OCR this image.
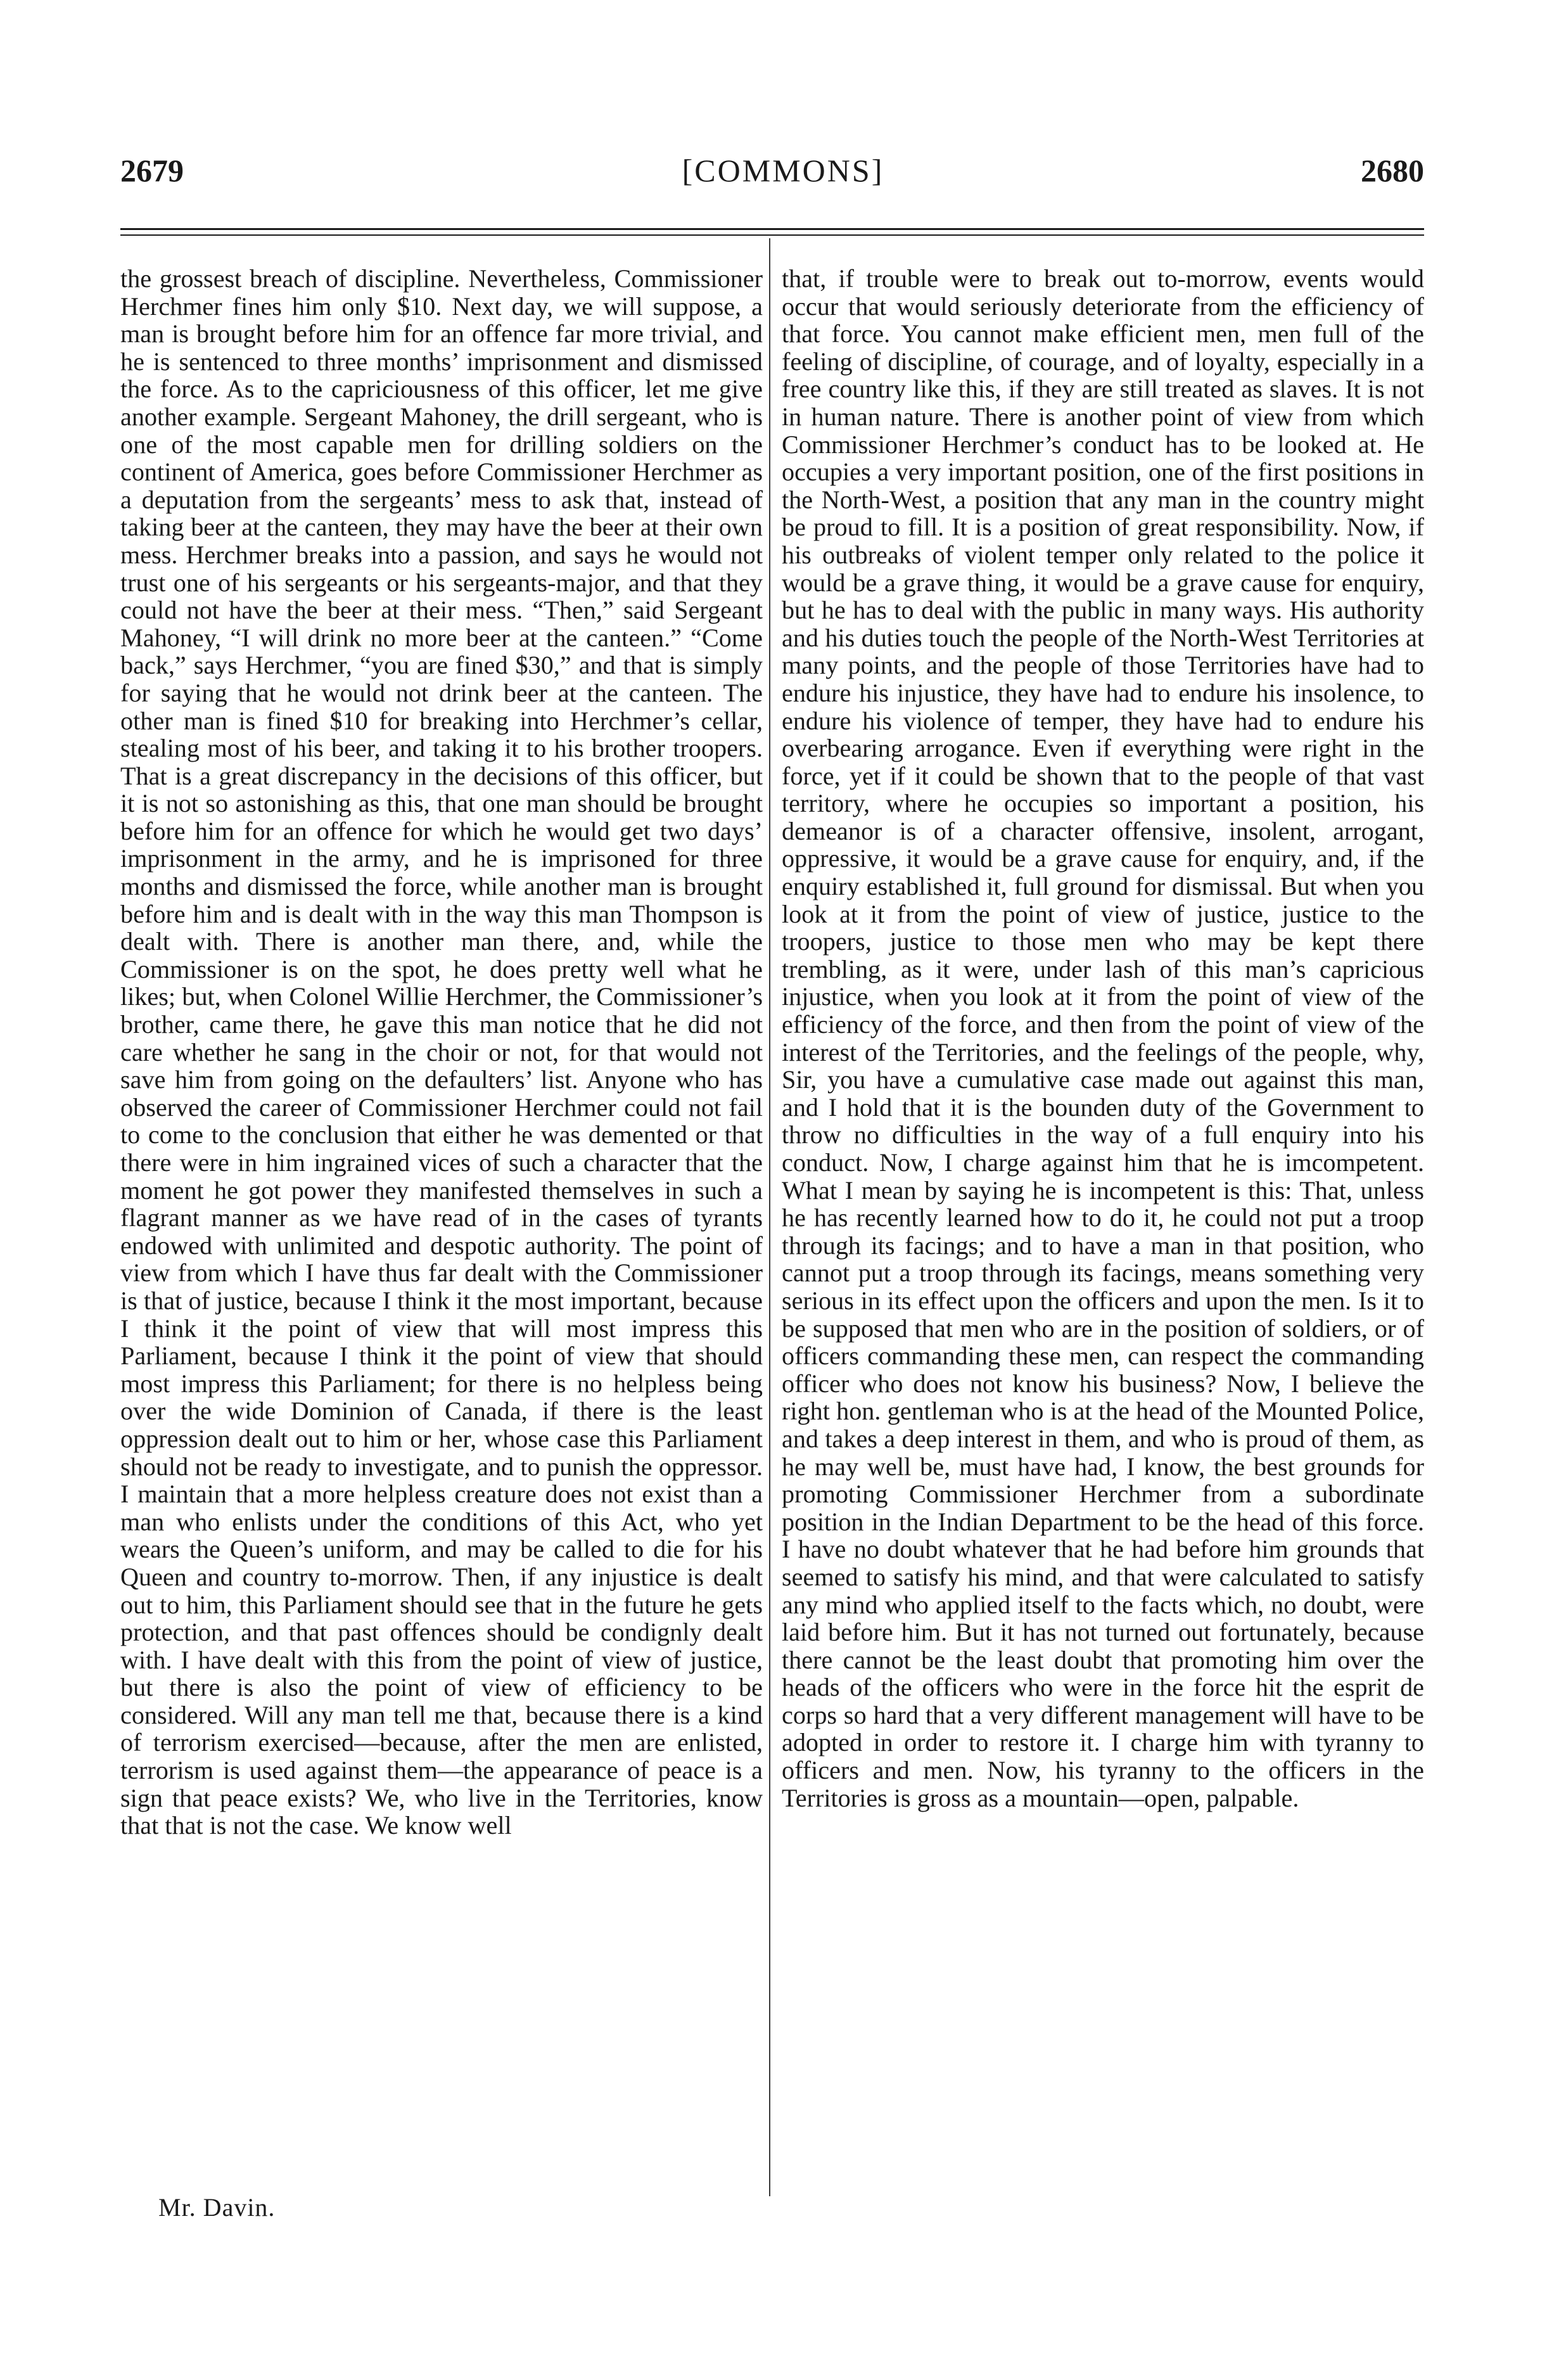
2679	[COMMONS]	2680

the grossest breach of discipline. Nevertheless, Commissioner Herchmer fines him only $10. Next day, we will suppose, a man is brought before him for an offence far more trivial, and he is sentenced to three months’ imprisonment and dismissed the force. As to the capriciousness of this officer, let me give another example. Sergeant Mahoney, the drill sergeant, who is one of the most capable men for drilling soldiers on the continent of America, goes before Commissioner Herchmer as a deputation from the sergeants’ mess to ask that, instead of taking beer at the canteen, they may have the beer at their own mess. Herchmer breaks into a passion, and says he would not trust one of his sergeants or his sergeants-major, and that they could not have the beer at their mess. “Then,” said Sergeant Mahoney, “I will drink no more beer at the canteen.” “Come back,” says Herchmer, “you are fined $30,” and that is simply for saying that he would not drink beer at the canteen. The other man is fined $10 for breaking into Herchmer’s cellar, stealing most of his beer, and taking it to his brother troopers. That is a great discrepancy in the decisions of this officer, but it is not so astonishing as this, that one man should be brought before him for an offence for which he would get two days’ imprisonment in the army, and he is imprisoned for three months and dismissed the force, while another man is brought before him and is dealt with in the way this man Thompson is dealt with. There is another man there, and, while the Commissioner is on the spot, he does pretty well what he likes; but, when Colonel Willie Herchmer, the Commissioner’s brother, came there, he gave this man notice that he did not care whether he sang in the choir or not, for that would not save him from going on the defaulters’ list. Anyone who has observed the career of Commissioner Herchmer could not fail to come to the conclusion that either he was demented or that there were in him ingrained vices of such a character that the moment he got power they manifested themselves in such a flagrant manner as we have read of in the cases of tyrants endowed with unlimited and despotic authority. The point of view from which I have thus far dealt with the Commissioner is that of justice, because I think it the most important, because I think it the point of view that will most impress this Parliament, because I think it the point of view that should most impress this Parliament; for there is no helpless being over the wide Dominion of Canada, if there is the least oppression dealt out to him or her, whose case this Parliament should not be ready to investigate, and to punish the oppressor. I maintain that a more helpless creature does not exist than a man who enlists under the conditions of this Act, who yet wears the Queen’s uniform, and may be called to die for his Queen and country to-morrow. Then, if any injustice is dealt out to him, this Parliament should see that in the future he gets protection, and that past offences should be condignly dealt with. I have dealt with this from the point of view of justice, but there is also the point of view of efficiency to be considered. Will any man tell me that, because there is a kind of terrorism exercised—because, after the men are enlisted, terrorism is used against them—the appearance of peace is a sign that peace exists? We, who live in the Territories, know that that is not the case. We know well

that, if trouble were to break out to-morrow, events would occur that would seriously deteriorate from the efficiency of that force. You cannot make efficient men, men full of the feeling of discipline, of courage, and of loyalty, especially in a free country like this, if they are still treated as slaves. It is not in human nature. There is another point of view from which Commissioner Herchmer’s conduct has to be looked at. He occupies a very important position, one of the first positions in the North-West, a position that any man in the country might be proud to fill. It is a position of great responsibility. Now, if his outbreaks of violent temper only related to the police it would be a grave thing, it would be a grave cause for enquiry, but he has to deal with the public in many ways. His authority and his duties touch the people of the North-West Territories at many points, and the people of those Territories have had to endure his injustice, they have had to endure his insolence, to endure his violence of temper, they have had to endure his overbearing arrogance. Even if everything were right in the force, yet if it could be shown that to the people of that vast territory, where he occupies so important a position, his demeanor is of a character offensive, insolent, arrogant, oppressive, it would be a grave cause for enquiry, and, if the enquiry established it, full ground for dismissal. But when you look at it from the point of view of justice, justice to the troopers, justice to those men who may be kept there trembling, as it were, under lash of this man’s capricious injustice, when you look at it from the point of view of the efficiency of the force, and then from the point of view of the interest of the Territories, and the feelings of the people, why, Sir, you have a cumulative case made out against this man, and I hold that it is the bounden duty of the Government to throw no difficulties in the way of a full enquiry into his conduct. Now, I charge against him that he is imcompetent. What I mean by saying he is incompetent is this: That, unless he has recently learned how to do it, he could not put a troop through its facings; and to have a man in that position, who cannot put a troop through its facings, means something very serious in its effect upon the officers and upon the men. Is it to be supposed that men who are in the position of soldiers, or of officers commanding these men, can respect the commanding officer who does not know his business? Now, I believe the right hon. gentleman who is at the head of the Mounted Police, and takes a deep interest in them, and who is proud of them, as he may well be, must have had, I know, the best grounds for promoting Commissioner Herchmer from a subordinate position in the Indian Department to be the head of this force. I have no doubt whatever that he had before him grounds that seemed to satisfy his mind, and that were calculated to satisfy any mind who applied itself to the facts which, no doubt, were laid before him. But it has not turned out fortunately, because there cannot be the least doubt that promoting him over the heads of the officers who were in the force hit the esprit de corps so hard that a very different management will have to be adopted in order to restore it. I charge him with tyranny to officers and men. Now, his tyranny to the officers in the Territories is gross as a mountain—open, palpable.

Mr. Davin.
